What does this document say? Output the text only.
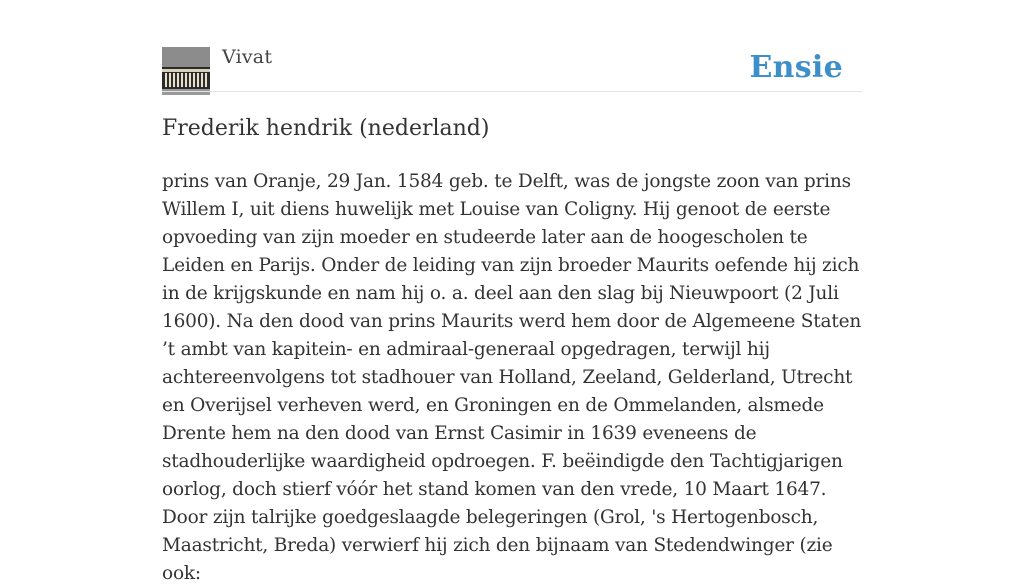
Vivat	Ensie
Frederik hendrik (nederland)

prins van Oranje, 29 Jan. 1584 geb. te Delft, was de jongste zoon van prins Willem I, uit diens huwelijk met Louise van Coligny. Hij genoot de eerste opvoeding van zijn moeder en studeerde later aan de hoogescholen te Leiden en Parijs. Onder de leiding van zijn broeder Maurits oefende hij zich in de krijgskunde en nam hij o. a. deel aan den slag bij Nieuwpoort (2 Juli 1600). Na den dood van prins Maurits werd hem door de Algemeene Staten ’t ambt van kapitein- en admiraal-generaal opgedragen, terwijl hij achtereenvolgens tot stadhouer van Holland, Zeeland, Gelderland, Utrecht en Overijsel verheven werd, en Groningen en de Ommelanden, alsmede Drente hem na den dood van Ernst Casimir in 1639 eveneens de stadhouderlijke waardigheid opdroegen. F. beëindigde den Tachtigjarigen oorlog, doch stierf vóór het stand komen van den vrede, 10 Maart 1647. Door zijn talrijke goedgeslaagde belegeringen (Grol, 's Hertogenbosch, Maastricht, Breda) verwierf hij zich den bijnaam van Stedendwinger (zie ook:
